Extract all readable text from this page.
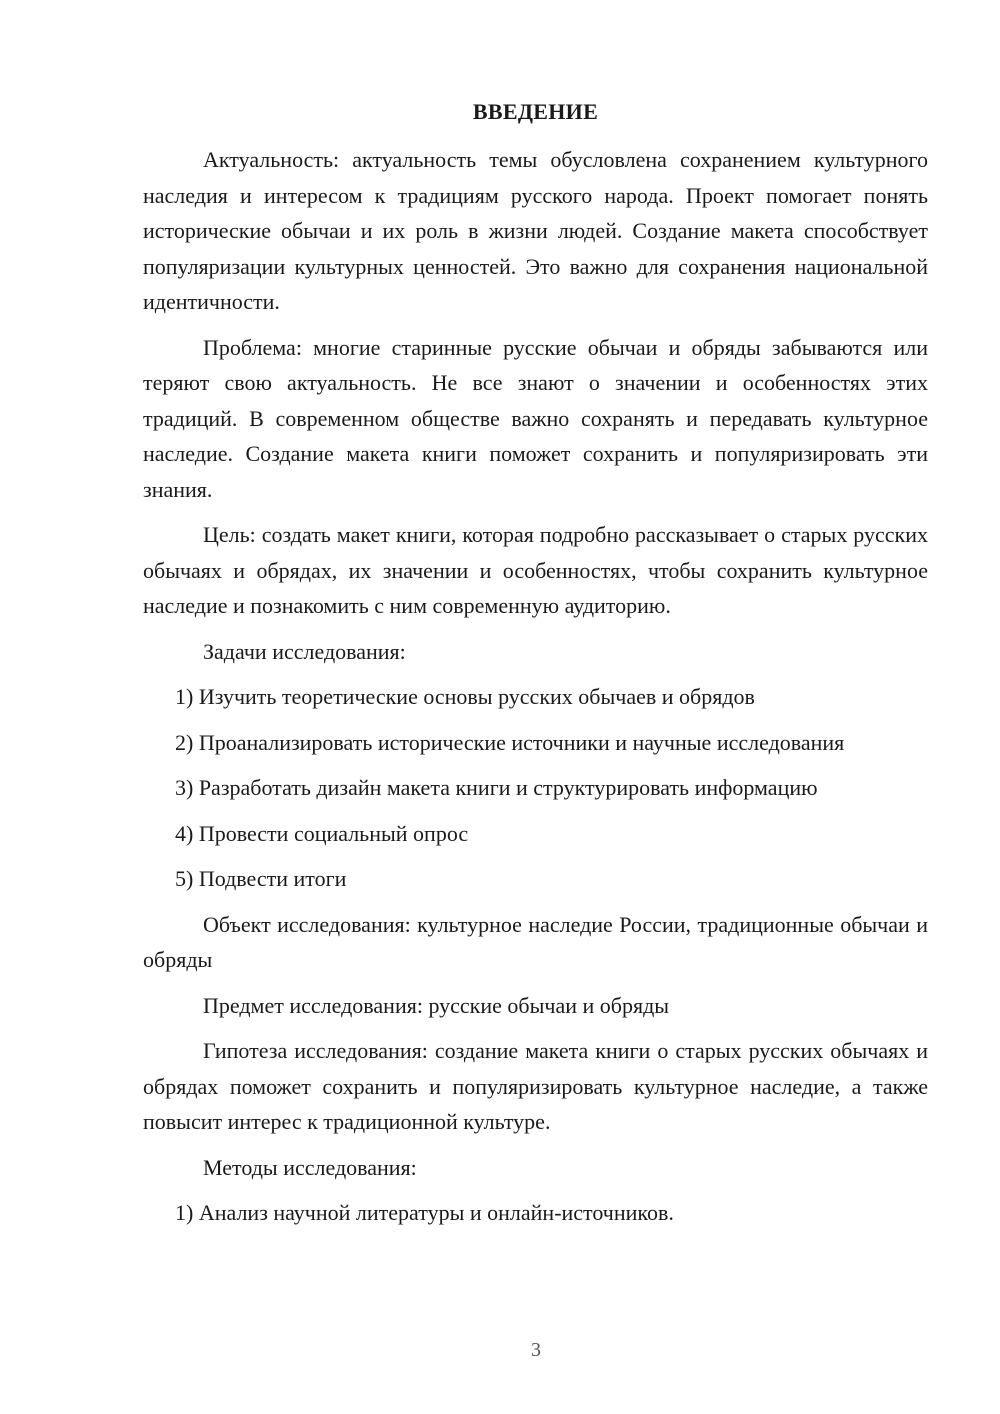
ВВЕДЕНИЕ

Актуальность: актуальность темы обусловлена сохранением культурного наследия и интересом к традициям русского народа. Проект помогает понять исторические обычаи и их роль в жизни людей. Создание макета способствует популяризации культурных ценностей. Это важно для сохранения национальной идентичности.

Проблема: многие старинные русские обычаи и обряды забываются или теряют свою актуальность. Не все знают о значении и особенностях этих традиций. В современном обществе важно сохранять и передавать культурное наследие. Создание макета книги поможет сохранить и популяризировать эти знания.

Цель: создать макет книги, которая подробно рассказывает о старых русских обычаях и обрядах, их значении и особенностях, чтобы сохранить культурное наследие и познакомить с ним современную аудиторию.

Задачи исследования:

1) Изучить теоретические основы русских обычаев и обрядов

2) Проанализировать исторические источники и научные исследования

3) Разработать дизайн макета книги и структурировать информацию

4) Провести социальный опрос

5) Подвести итоги

Объект исследования: культурное наследие России, традиционные обычаи и обряды

Предмет исследования: русские обычаи и обряды

Гипотеза исследования: создание макета книги о старых русских обычаях и обрядах поможет сохранить и популяризировать культурное наследие, а также повысит интерес к традиционной культуре.

Методы исследования:

1) Анализ научной литературы и онлайн-источников.

3
